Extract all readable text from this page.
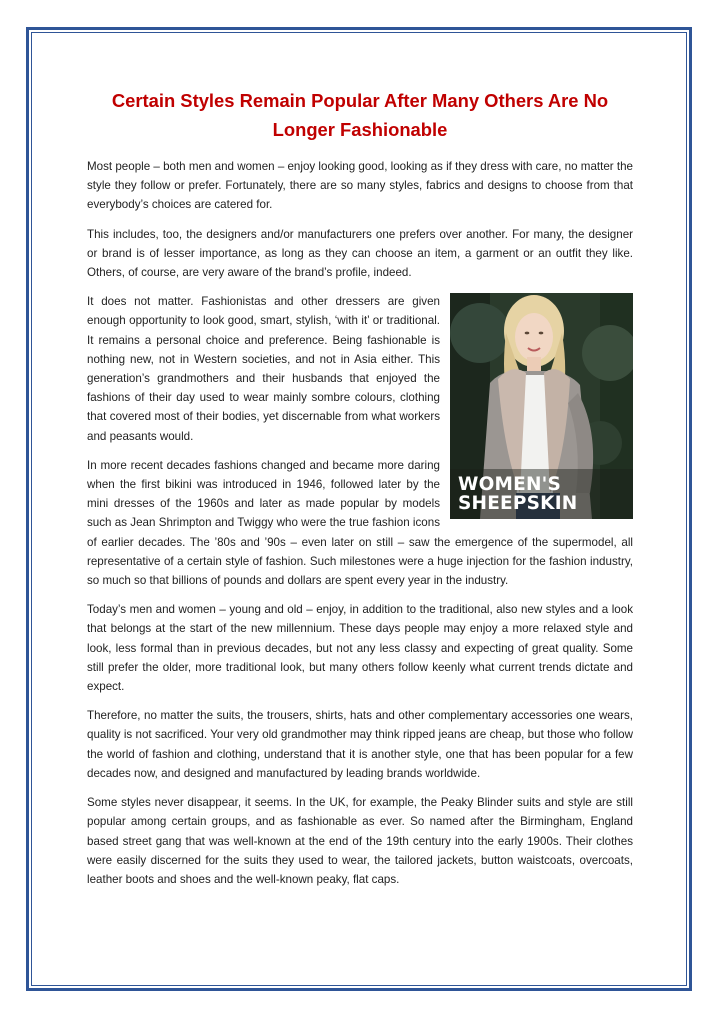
Certain Styles Remain Popular After Many Others Are No Longer Fashionable

Most people – both men and women – enjoy looking good, looking as if they dress with care, no matter the style they follow or prefer. Fortunately, there are so many styles, fabrics and designs to choose from that everybody’s choices are catered for.

This includes, too, the designers and/or manufacturers one prefers over another. For many, the designer or brand is of lesser importance, as long as they can choose an item, a garment or an outfit they like. Others, of course, are very aware of the brand’s profile, indeed.

WOMEN'S
SHEEPSKIN

It does not matter. Fashionistas and other dressers are given enough opportunity to look good, smart, stylish, ‘with it’ or traditional. It remains a personal choice and preference. Being fashionable is nothing new, not in Western societies, and not in Asia either. This generation’s grandmothers and their husbands that enjoyed the fashions of their day used to wear mainly sombre colours, clothing that covered most of their bodies, yet discernable from what workers and peasants would.

In more recent decades fashions changed and became more daring when the first bikini was introduced in 1946, followed later by the mini dresses of the 1960s and later as made popular by models such as Jean Shrimpton and Twiggy who were the true fashion icons of earlier decades. The ’80s and ’90s – even later on still – saw the emergence of the supermodel, all representative of a certain style of fashion. Such milestones were a huge injection for the fashion industry, so much so that billions of pounds and dollars are spent every year in the industry.

Today’s men and women – young and old – enjoy, in addition to the traditional, also new styles and a look that belongs at the start of the new millennium. These days people may enjoy a more relaxed style and look, less formal than in previous decades, but not any less classy and expecting of great quality. Some still prefer the older, more traditional look, but many others follow keenly what current trends dictate and expect.

Therefore, no matter the suits, the trousers, shirts, hats and other complementary accessories one wears, quality is not sacrificed. Your very old grandmother may think ripped jeans are cheap, but those who follow the world of fashion and clothing, understand that it is another style, one that has been popular for a few decades now, and designed and manufactured by leading brands worldwide.

Some styles never disappear, it seems. In the UK, for example, the Peaky Blinder suits and style are still popular among certain groups, and as fashionable as ever. So named after the Birmingham, England based street gang that was well-known at the end of the 19th century into the early 1900s. Their clothes were easily discerned for the suits they used to wear, the tailored jackets, button waistcoats, overcoats, leather boots and shoes and the well-known peaky, flat caps.
